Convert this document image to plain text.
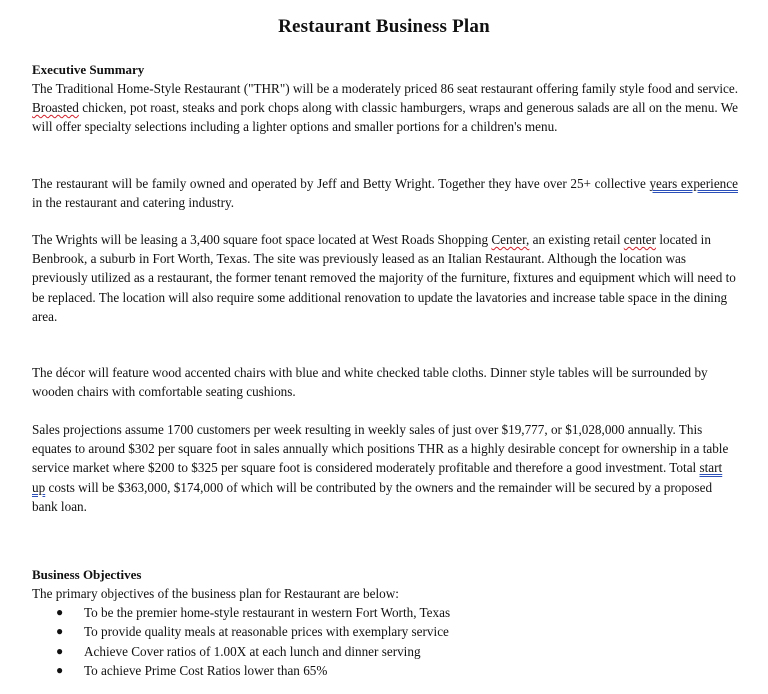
Restaurant Business Plan
Executive Summary
The Traditional Home-Style Restaurant ("THR") will be a moderately priced 86 seat restaurant offering family style food and service. Broasted chicken, pot roast, steaks and pork chops along with classic hamburgers, wraps and generous salads are all on the menu. We will offer specialty selections including a lighter options and smaller portions for a children's menu.
The restaurant will be family owned and operated by Jeff and Betty Wright. Together they have over 25+ collective years experience in the restaurant and catering industry.
The Wrights will be leasing a 3,400 square foot space located at West Roads Shopping Center, an existing retail center located in Benbrook, a suburb in Fort Worth, Texas. The site was previously leased as an Italian Restaurant. Although the location was previously utilized as a restaurant, the former tenant removed the majority of the furniture, fixtures and equipment which will need to be replaced. The location will also require some additional renovation to update the lavatories and increase table space in the dining area.
The décor will feature wood accented chairs with blue and white checked table cloths. Dinner style tables will be surrounded by wooden chairs with comfortable seating cushions.
Sales projections assume 1700 customers per week resulting in weekly sales of just over $19,777, or $1,028,000 annually. This equates to around $302 per square foot in sales annually which positions THR as a highly desirable concept for ownership in a table service market where $200 to $325 per square foot is considered moderately profitable and therefore a good investment. Total start up costs will be $363,000, $174,000 of which will be contributed by the owners and the remainder will be secured by a proposed bank loan.
Business Objectives
The primary objectives of the business plan for Restaurant are below:
● To be the premier home-style restaurant in western Fort Worth, Texas
● To provide quality meals at reasonable prices with exemplary service
● Achieve Cover ratios of 1.00X at each lunch and dinner serving
● To achieve Prime Cost Ratios lower than 65%
